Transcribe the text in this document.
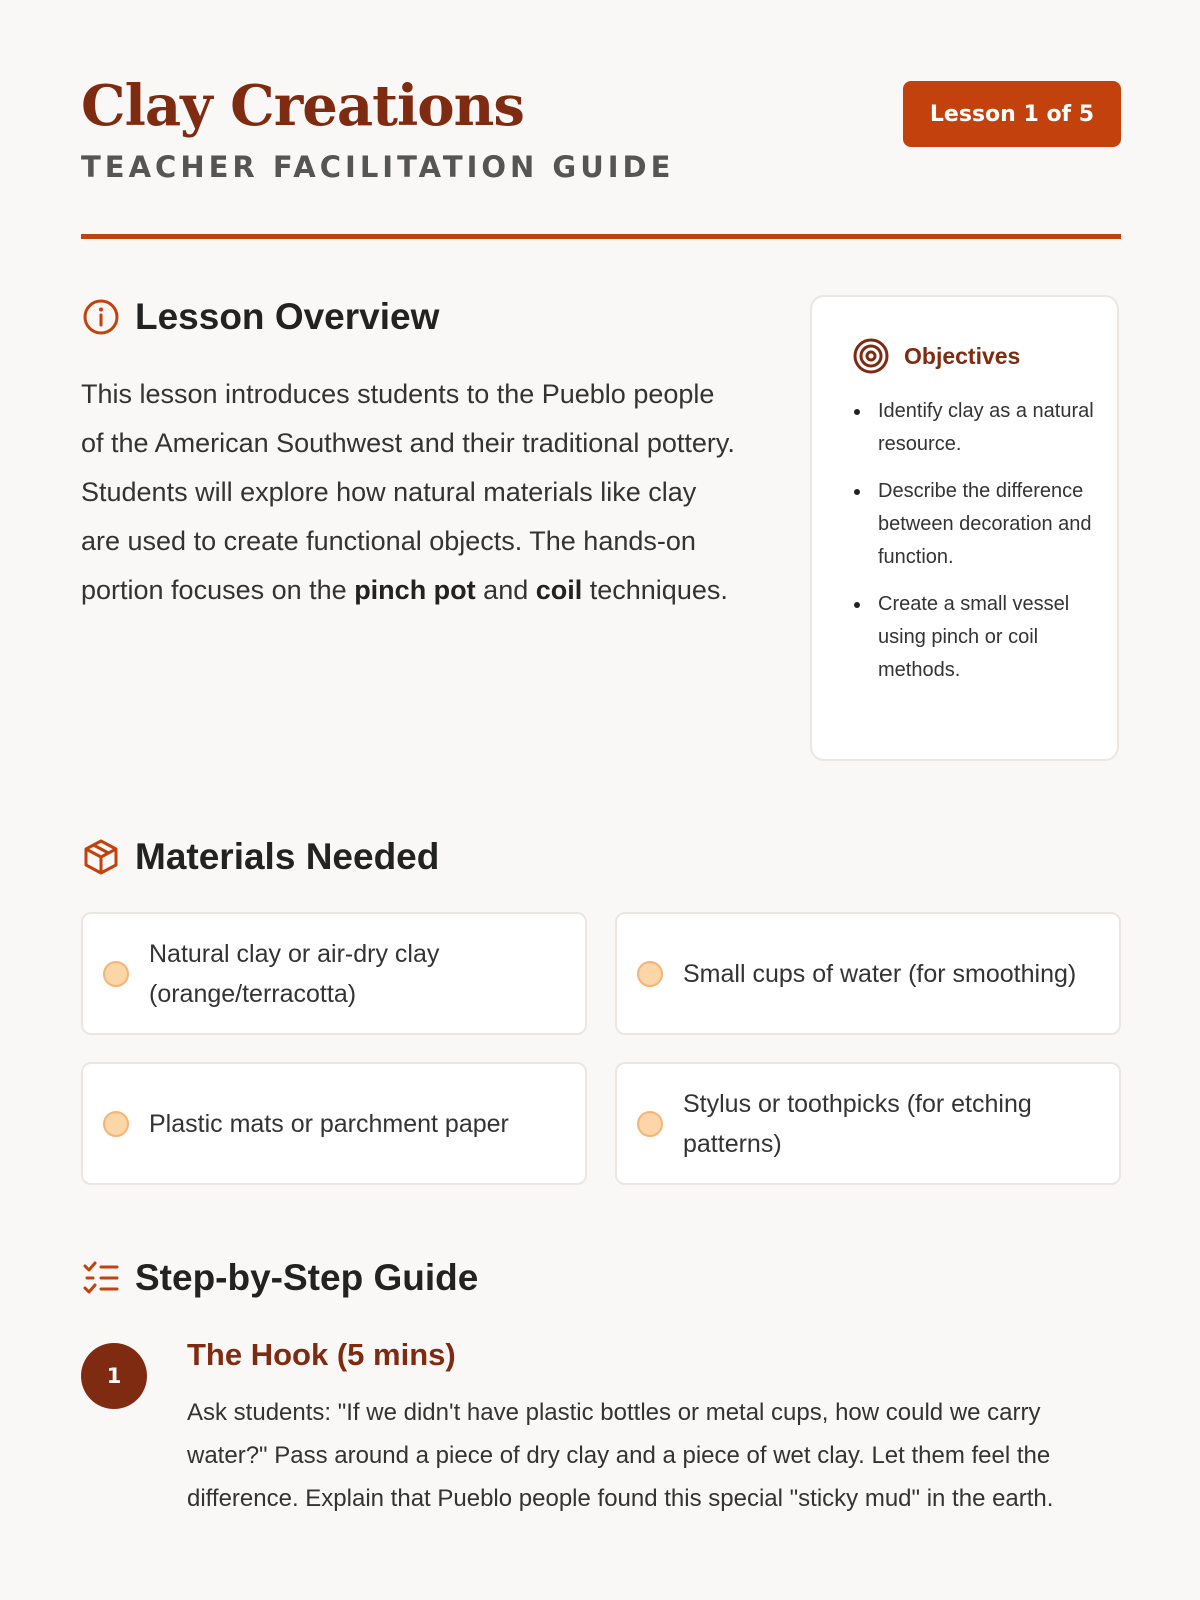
Clay Creations
TEACHER FACILITATION GUIDE
Lesson 1 of 5
Lesson Overview

This lesson introduces students to the Pueblo people of the American Southwest and their traditional pottery. Students will explore how natural materials like clay are used to create functional objects. The hands-on portion focuses on the pinch pot and coil techniques.

Objectives
Identify clay as a natural resource.
Describe the difference between decoration and function.
Create a small vessel using pinch or coil methods.
Materials Needed
Natural clay or air-dry clay (orange/terracotta)
Small cups of water (for smoothing)
Plastic mats or parchment paper
Stylus or toothpicks (for etching patterns)
Step-by-Step Guide
1
The Hook (5 mins)

Ask students: "If we didn't have plastic bottles or metal cups, how could we carry water?" Pass around a piece of dry clay and a piece of wet clay. Let them feel the difference. Explain that Pueblo people found this special "sticky mud" in the earth.
